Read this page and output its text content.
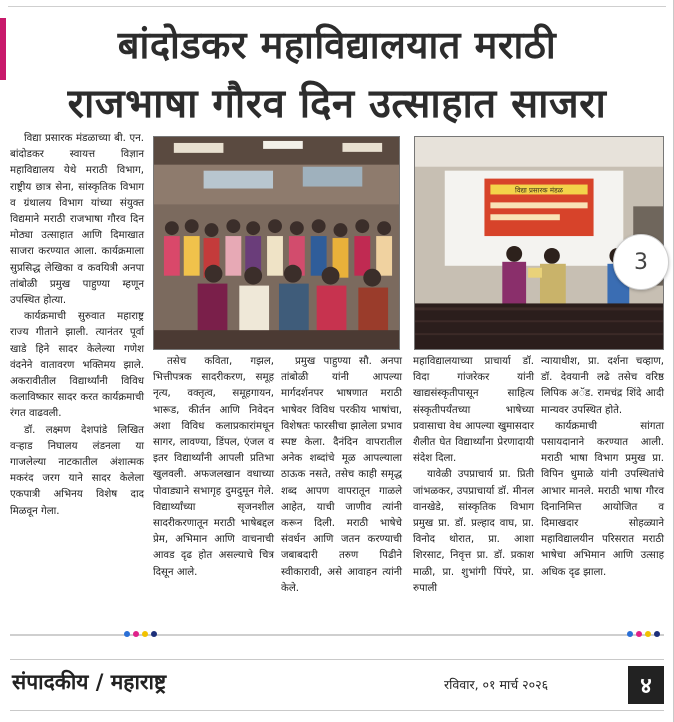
बांदोडकर महाविद्यालयात मराठी
राजभाषा गौरव दिन उत्साहात साजरा

विद्या प्रसारक मंडळाच्या बी. एन. बांदोडकर स्वायत्त विज्ञान महाविद्यालय येथे मराठी विभाग, राष्ट्रीय छात्र सेना, सांस्कृतिक विभाग व ग्रंथालय विभाग यांच्या संयुक्त विद्यमाने मराठी राजभाषा गौरव दिन मोठ्या उत्साहात आणि दिमाखात साजरा करण्यात आला. कार्यक्रमाला सुप्रसिद्ध लेखिका व कवयित्री अनपा तांबोळी प्रमुख पाहुण्या म्हणून उपस्थित होत्या.

कार्यक्रमाची सुरुवात महाराष्ट्र राज्य गीताने झाली. त्यानंतर पूर्वा खाडे हिने सादर केलेल्या गणेश वंदनेने वातावरण भक्तिमय झाले. अकरावीतील विद्यार्थ्यांनी विविध कलाविष्कार सादर करत कार्यक्रमाची रंगत वाढवली.

डॉ. लक्ष्मण देशपांडे लिखित वऱ्हाड निघालय लंडनला या गाजलेल्या नाटकातील अंशात्मक मकरंद जरग याने सादर केलेला एकपात्री अभिनय विशेष दाद मिळवून गेला.

विद्या प्रसारक मंडळ
3

तसेच कविता, गझल, भित्तीपत्रक सादरीकरण, समूह नृत्य, वक्तृत्व, समूहगायन, भारूड, कीर्तन आणि निवेदन अशा विविध कलाप्रकारांमधून सागर, लावण्या, डिंपल, एंजल व इतर विद्यार्थ्यांनी आपली प्रतिभा खुलवली. अफजलखान वधाच्या पोवाड्याने सभागृह दुमदुमून गेले. विद्यार्थ्यांच्या सृजनशील सादरीकरणातून मराठी भाषेबद्दल प्रेम, अभिमान आणि वाचनाची आवड दृढ होत असल्याचे चित्र दिसून आले.

प्रमुख पाहुण्या सौ. अनपा तांबोळी यांनी आपल्या मार्गदर्शनपर भाषणात मराठी भाषेवर विविध परकीय भाषांचा, विशेषतः फारसीचा झालेला प्रभाव स्पष्ट केला. दैनंदिन वापरातील अनेक शब्दांचे मूळ आपल्याला ठाऊक नसते, तसेच काही समृद्ध शब्द आपण वापरातून गाळले आहेत, याची जाणीव त्यांनी करून दिली. मराठी भाषेचे संवर्धन आणि जतन करण्याची जबाबदारी तरुण पिढीने स्वीकारावी, असे आवाहन त्यांनी केले.

महाविद्यालयाच्या प्राचार्या डॉ. विदा गांजरेकर यांनी खाद्यसंस्कृतीपासून साहित्य संस्कृतीपर्यंतच्या भाषेच्या प्रवासाचा वेध आपल्या खुमासदार शैलीत घेत विद्यार्थ्यांना प्रेरणादायी संदेश दिला.

यावेळी उपप्राचार्य प्रा. प्रिती जांभळकर, उपप्राचार्या डॉ. मीनल वानखेडे, सांस्कृतिक विभाग प्रमुख प्रा. डॉ. प्रल्हाद वाघ, प्रा. विनोद थोरात, प्रा. आशा शिरसाट, निवृत्त प्रा. डॉ. प्रकाश माळी, प्रा. शुभांगी पिंपरे, प्रा. रुपाली

न्यायाधीश, प्रा. दर्शना चव्हाण, डॉ. देवयानी लढे तसेच वरिष्ठ लिपिक अॅड. रामचंद्र शिंदे आदी मान्यवर उपस्थित होते.

कार्यक्रमाची सांगता पसायदानाने करण्यात आली. मराठी भाषा विभाग प्रमुख प्रा. विपिन धुमाळे यांनी उपस्थितांचे आभार मानले. मराठी भाषा गौरव दिनानिमित्त आयोजित व दिमाखदार सोहळ्याने महाविद्यालयीन परिसरात मराठी भाषेचा अभिमान आणि उत्साह अधिक दृढ झाला.

संपादकीय / महाराष्ट्र	रविवार, ०१ मार्च २०२६	४
